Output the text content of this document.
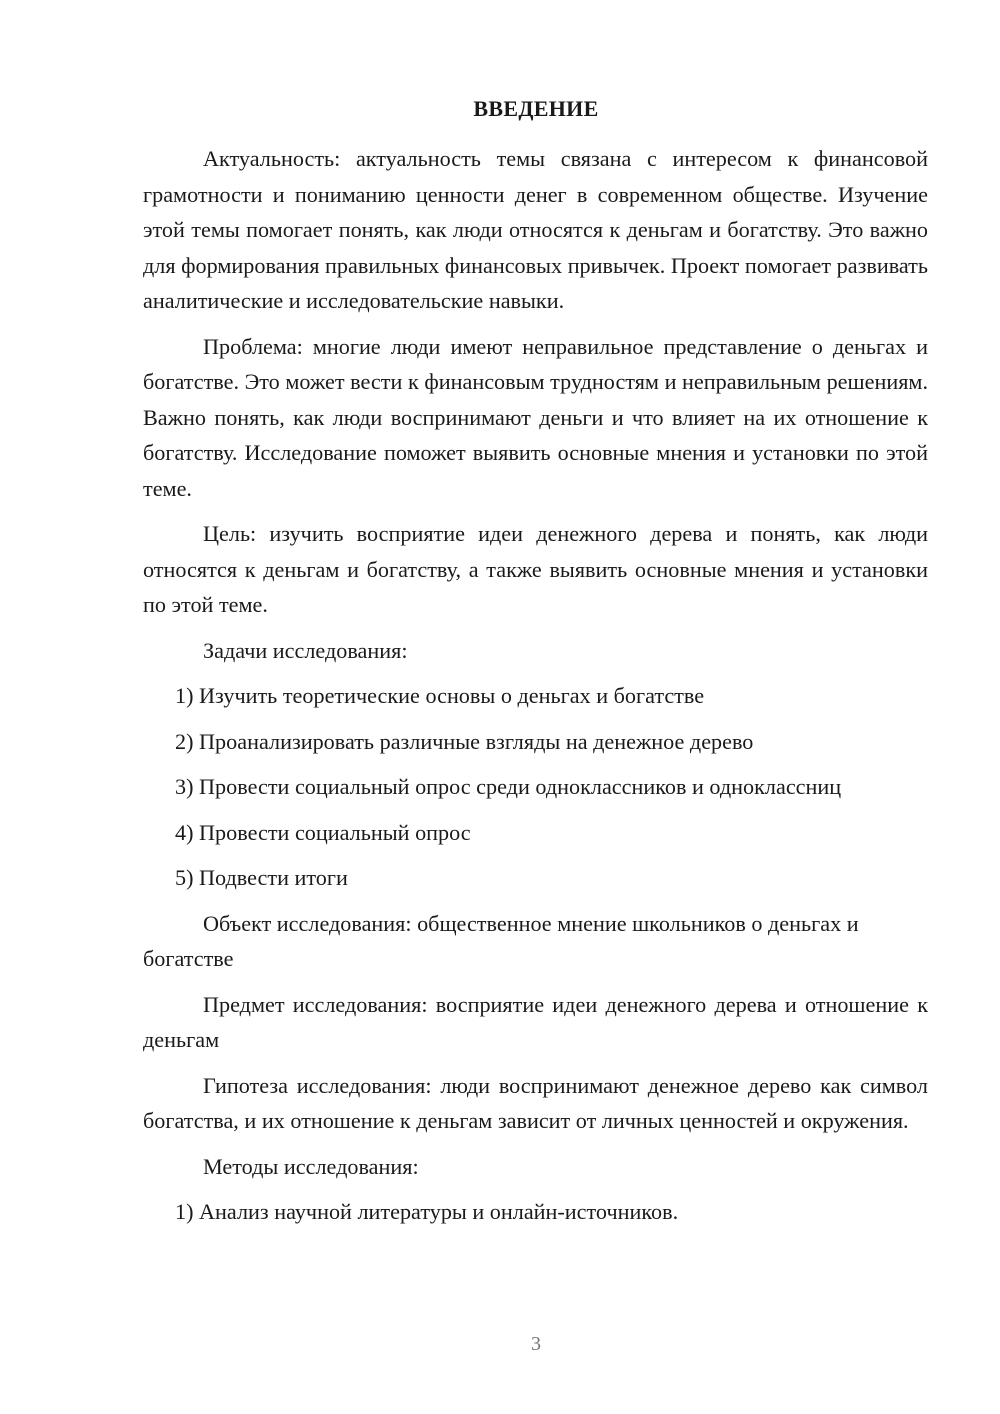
ВВЕДЕНИЕ

Актуальность: актуальность темы связана с интересом к финансовой грамотности и пониманию ценности денег в современном обществе. Изучение этой темы помогает понять, как люди относятся к деньгам и богатству. Это важно для формирования правильных финансовых привычек. Проект помогает развивать аналитические и исследовательские навыки.

Проблема: многие люди имеют неправильное представление о деньгах и богатстве. Это может вести к финансовым трудностям и неправильным решениям. Важно понять, как люди воспринимают деньги и что влияет на их отношение к богатству. Исследование поможет выявить основные мнения и установки по этой теме.

Цель: изучить восприятие идеи денежного дерева и понять, как люди относятся к деньгам и богатству, а также выявить основные мнения и установки по этой теме.

Задачи исследования:

1) Изучить теоретические основы о деньгах и богатстве

2) Проанализировать различные взгляды на денежное дерево

3) Провести социальный опрос среди одноклассников и одноклассниц

4) Провести социальный опрос

5) Подвести итоги

Объект исследования: общественное мнение школьников о деньгах и богатстве

Предмет исследования: восприятие идеи денежного дерева и отношение к деньгам

Гипотеза исследования: люди воспринимают денежное дерево как символ богатства, и их отношение к деньгам зависит от личных ценностей и окружения.

Методы исследования:

1) Анализ научной литературы и онлайн-источников.

3
